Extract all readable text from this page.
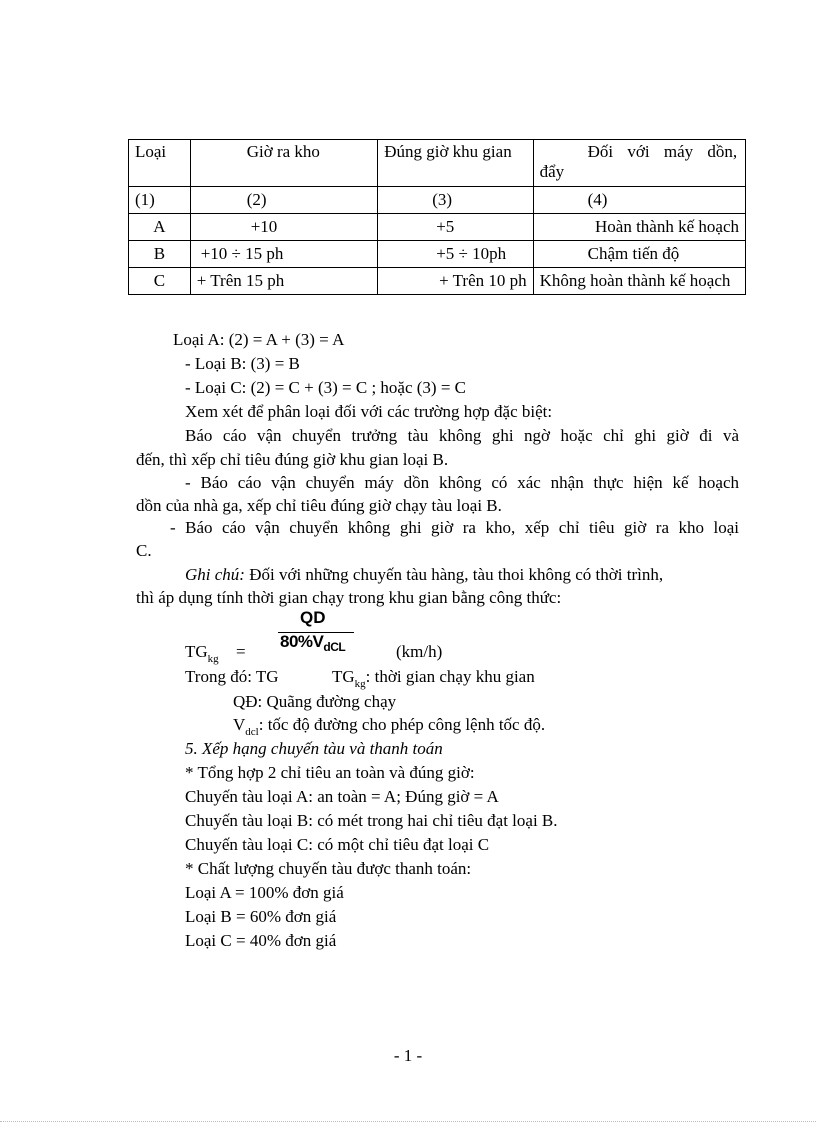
Loại	Giờ ra kho	Đúng giờ khu gian	Đối với máy dồn,
đẩy

(1)	(2)	(3)	(4)
A	+10	+5	Hoàn thành kế hoạch
B	+10 ÷ 15 ph	+5 ÷ 10ph	Chậm tiến độ
C	+ Trên 15 ph	+ Trên 10 ph	Không hoàn thành kế hoạch
Loại A: (2) = A + (3) = A
- Loại B: (3) = B
- Loại C: (2) = C + (3) = C ; hoặc (3) = C
Xem xét để phân loại đối với các trường hợp đặc biệt:
Báo cáo vận chuyển trưởng tàu không ghi ngờ hoặc chỉ ghi giờ đi và
đến, thì xếp chỉ tiêu đúng giờ khu gian loại B.
- Báo cáo vận chuyển máy dồn không có xác nhận thực hiện kế hoạch
dồn của nhà ga, xếp chỉ tiêu đúng giờ chạy tàu loại B.
- Báo cáo vận chuyển không ghi giờ ra kho, xếp chỉ tiêu giờ ra kho loại
C.
Ghi chú: Đối với những chuyến tàu hàng, tàu thoi không có thời trình,
thì áp dụng tính thời gian chạy trong khu gian bằng công thức:
QD
$80\%V_{dCL}$
$TG_{kg}$ =	(km/h)
Trong đó: TG	$TG_{kg}$: thời gian chạy khu gian
QĐ: Quãng đường chạy
$V_{dcl}$: tốc độ đường cho phép công lệnh tốc độ.
5. Xếp hạng chuyến tàu và thanh toán
* Tổng hợp 2 chỉ tiêu an toàn và đúng giờ:
Chuyến tàu loại A: an toàn = A; Đúng giờ = A
Chuyến tàu loại B: có mét trong hai chỉ tiêu đạt loại B.
Chuyến tàu loại C: có một chỉ tiêu đạt loại C
* Chất lượng chuyến tàu được thanh toán:
Loại A = 100% đơn giá
Loại B = 60% đơn giá
Loại C = 40% đơn giá
- 1 -
